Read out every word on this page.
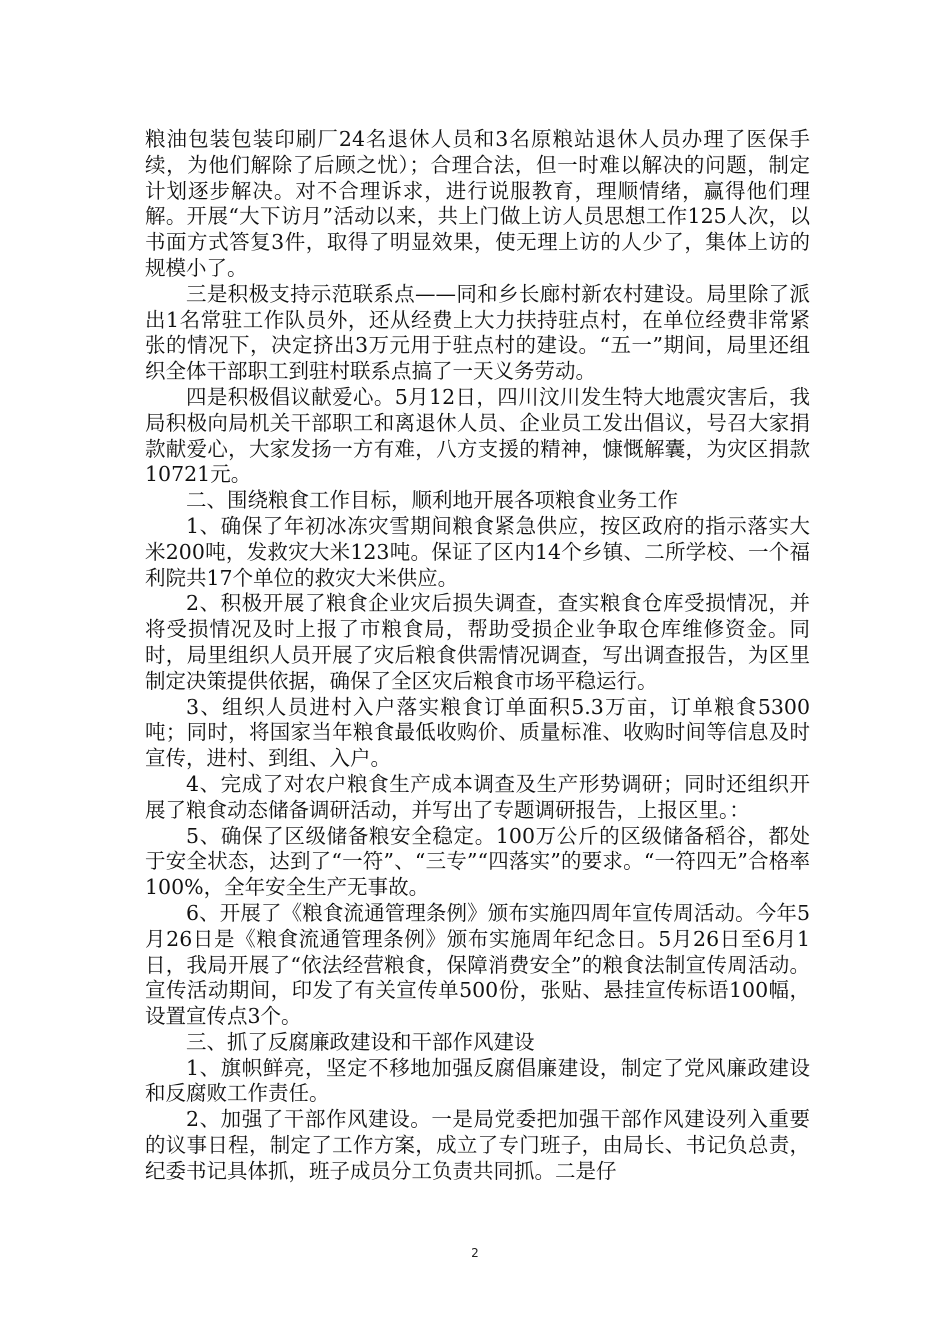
粮油包装包装印刷厂24名退休人员和3名原粮站退休人员办理了医保手续，为他们解除了后顾之忧）；合理合法，但一时难以解决的问题，制定计划逐步解决。对不合理诉求，进行说服教育，理顺情绪，赢得他们理解。开展“大下访月”活动以来，共上门做上访人员思想工作125人次，以书面方式答复3件，取得了明显效果，使无理上访的人少了，集体上访的规模小了。

三是积极支持示范联系点——同和乡长廊村新农村建设。局里除了派出1名常驻工作队员外，还从经费上大力扶持驻点村，在单位经费非常紧张的情况下，决定挤出3万元用于驻点村的建设。“五一”期间，局里还组织全体干部职工到驻村联系点搞了一天义务劳动。

四是积极倡议献爱心。5月12日，四川汶川发生特大地震灾害后，我局积极向局机关干部职工和离退休人员、企业员工发出倡议，号召大家捐款献爱心，大家发扬一方有难，八方支援的精神，慷慨解囊，为灾区捐款10721元。

二、围绕粮食工作目标，顺利地开展各项粮食业务工作

1、确保了年初冰冻灾雪期间粮食紧急供应，按区政府的指示落实大米200吨，发救灾大米123吨。保证了区内14个乡镇、二所学校、一个福利院共17个单位的救灾大米供应。

2、积极开展了粮食企业灾后损失调查，查实粮食仓库受损情况，并将受损情况及时上报了市粮食局，帮助受损企业争取仓库维修资金。同时，局里组织人员开展了灾后粮食供需情况调查，写出调查报告，为区里制定决策提供依据，确保了全区灾后粮食市场平稳运行。

3、组织人员进村入户落实粮食订单面积5.3万亩，订单粮食5300吨；同时，将国家当年粮食最低收购价、质量标准、收购时间等信息及时宣传，进村、到组、入户。

4、完成了对农户粮食生产成本调查及生产形势调研；同时还组织开展了粮食动态储备调研活动，并写出了专题调研报告，上报区里。：

5、确保了区级储备粮安全稳定。100万公斤的区级储备稻谷，都处于安全状态，达到了“一符”、“三专”“四落实”的要求。“一符四无”合格率100%，全年安全生产无事故。

6、开展了《粮食流通管理条例》颁布实施四周年宣传周活动。今年5月26日是《粮食流通管理条例》颁布实施周年纪念日。5月26日至6月1日，我局开展了“依法经营粮食，保障消费安全”的粮食法制宣传周活动。宣传活动期间，印发了有关宣传单500份，张贴、悬挂宣传标语100幅，设置宣传点3个。

三、抓了反腐廉政建设和干部作风建设

1、旗帜鲜亮，坚定不移地加强反腐倡廉建设，制定了党风廉政建设和反腐败工作责任。

2、加强了干部作风建设。一是局党委把加强干部作风建设列入重要的议事日程，制定了工作方案，成立了专门班子，由局长、书记负总责，纪委书记具体抓，班子成员分工负责共同抓。二是仔

2
